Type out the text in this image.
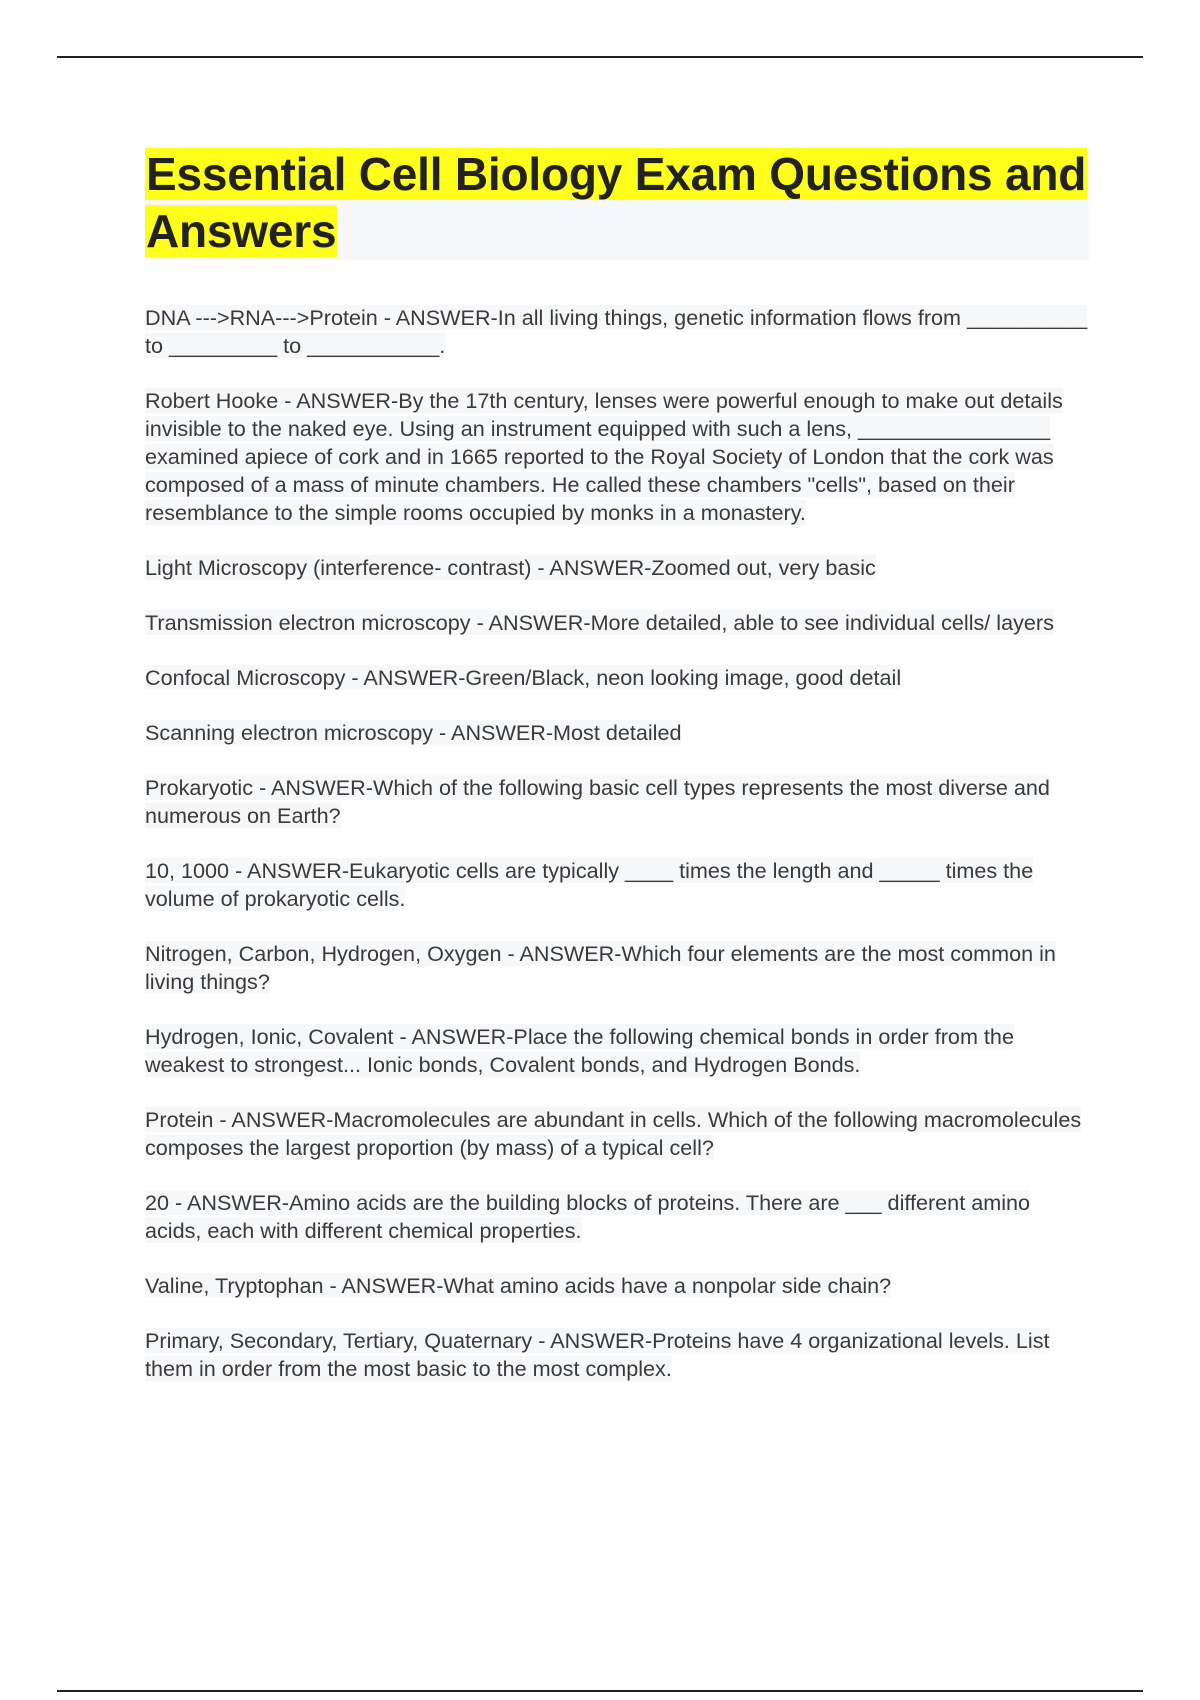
Essential Cell Biology Exam Questions and Answers

DNA --->RNA--->Protein - ANSWER-In all living things, genetic information flows from __________ to _________ to ___________.

Robert Hooke - ANSWER-By the 17th century, lenses were powerful enough to make out details invisible to the naked eye. Using an instrument equipped with such a lens, ________________ examined apiece of cork and in 1665 reported to the Royal Society of London that the cork was composed of a mass of minute chambers. He called these chambers "cells", based on their resemblance to the simple rooms occupied by monks in a monastery.

Light Microscopy (interference- contrast) - ANSWER-Zoomed out, very basic

Transmission electron microscopy - ANSWER-More detailed, able to see individual cells/ layers

Confocal Microscopy - ANSWER-Green/Black, neon looking image, good detail

Scanning electron microscopy - ANSWER-Most detailed

Prokaryotic - ANSWER-Which of the following basic cell types represents the most diverse and numerous on Earth?

10, 1000 - ANSWER-Eukaryotic cells are typically ____ times the length and _____ times the volume of prokaryotic cells.

Nitrogen, Carbon, Hydrogen, Oxygen - ANSWER-Which four elements are the most common in living things?

Hydrogen, Ionic, Covalent - ANSWER-Place the following chemical bonds in order from the weakest to strongest... Ionic bonds, Covalent bonds, and Hydrogen Bonds.

Protein - ANSWER-Macromolecules are abundant in cells. Which of the following macromolecules composes the largest proportion (by mass) of a typical cell?

20 - ANSWER-Amino acids are the building blocks of proteins. There are ___ different amino acids, each with different chemical properties.

Valine, Tryptophan - ANSWER-What amino acids have a nonpolar side chain?

Primary, Secondary, Tertiary, Quaternary - ANSWER-Proteins have 4 organizational levels. List them in order from the most basic to the most complex.
